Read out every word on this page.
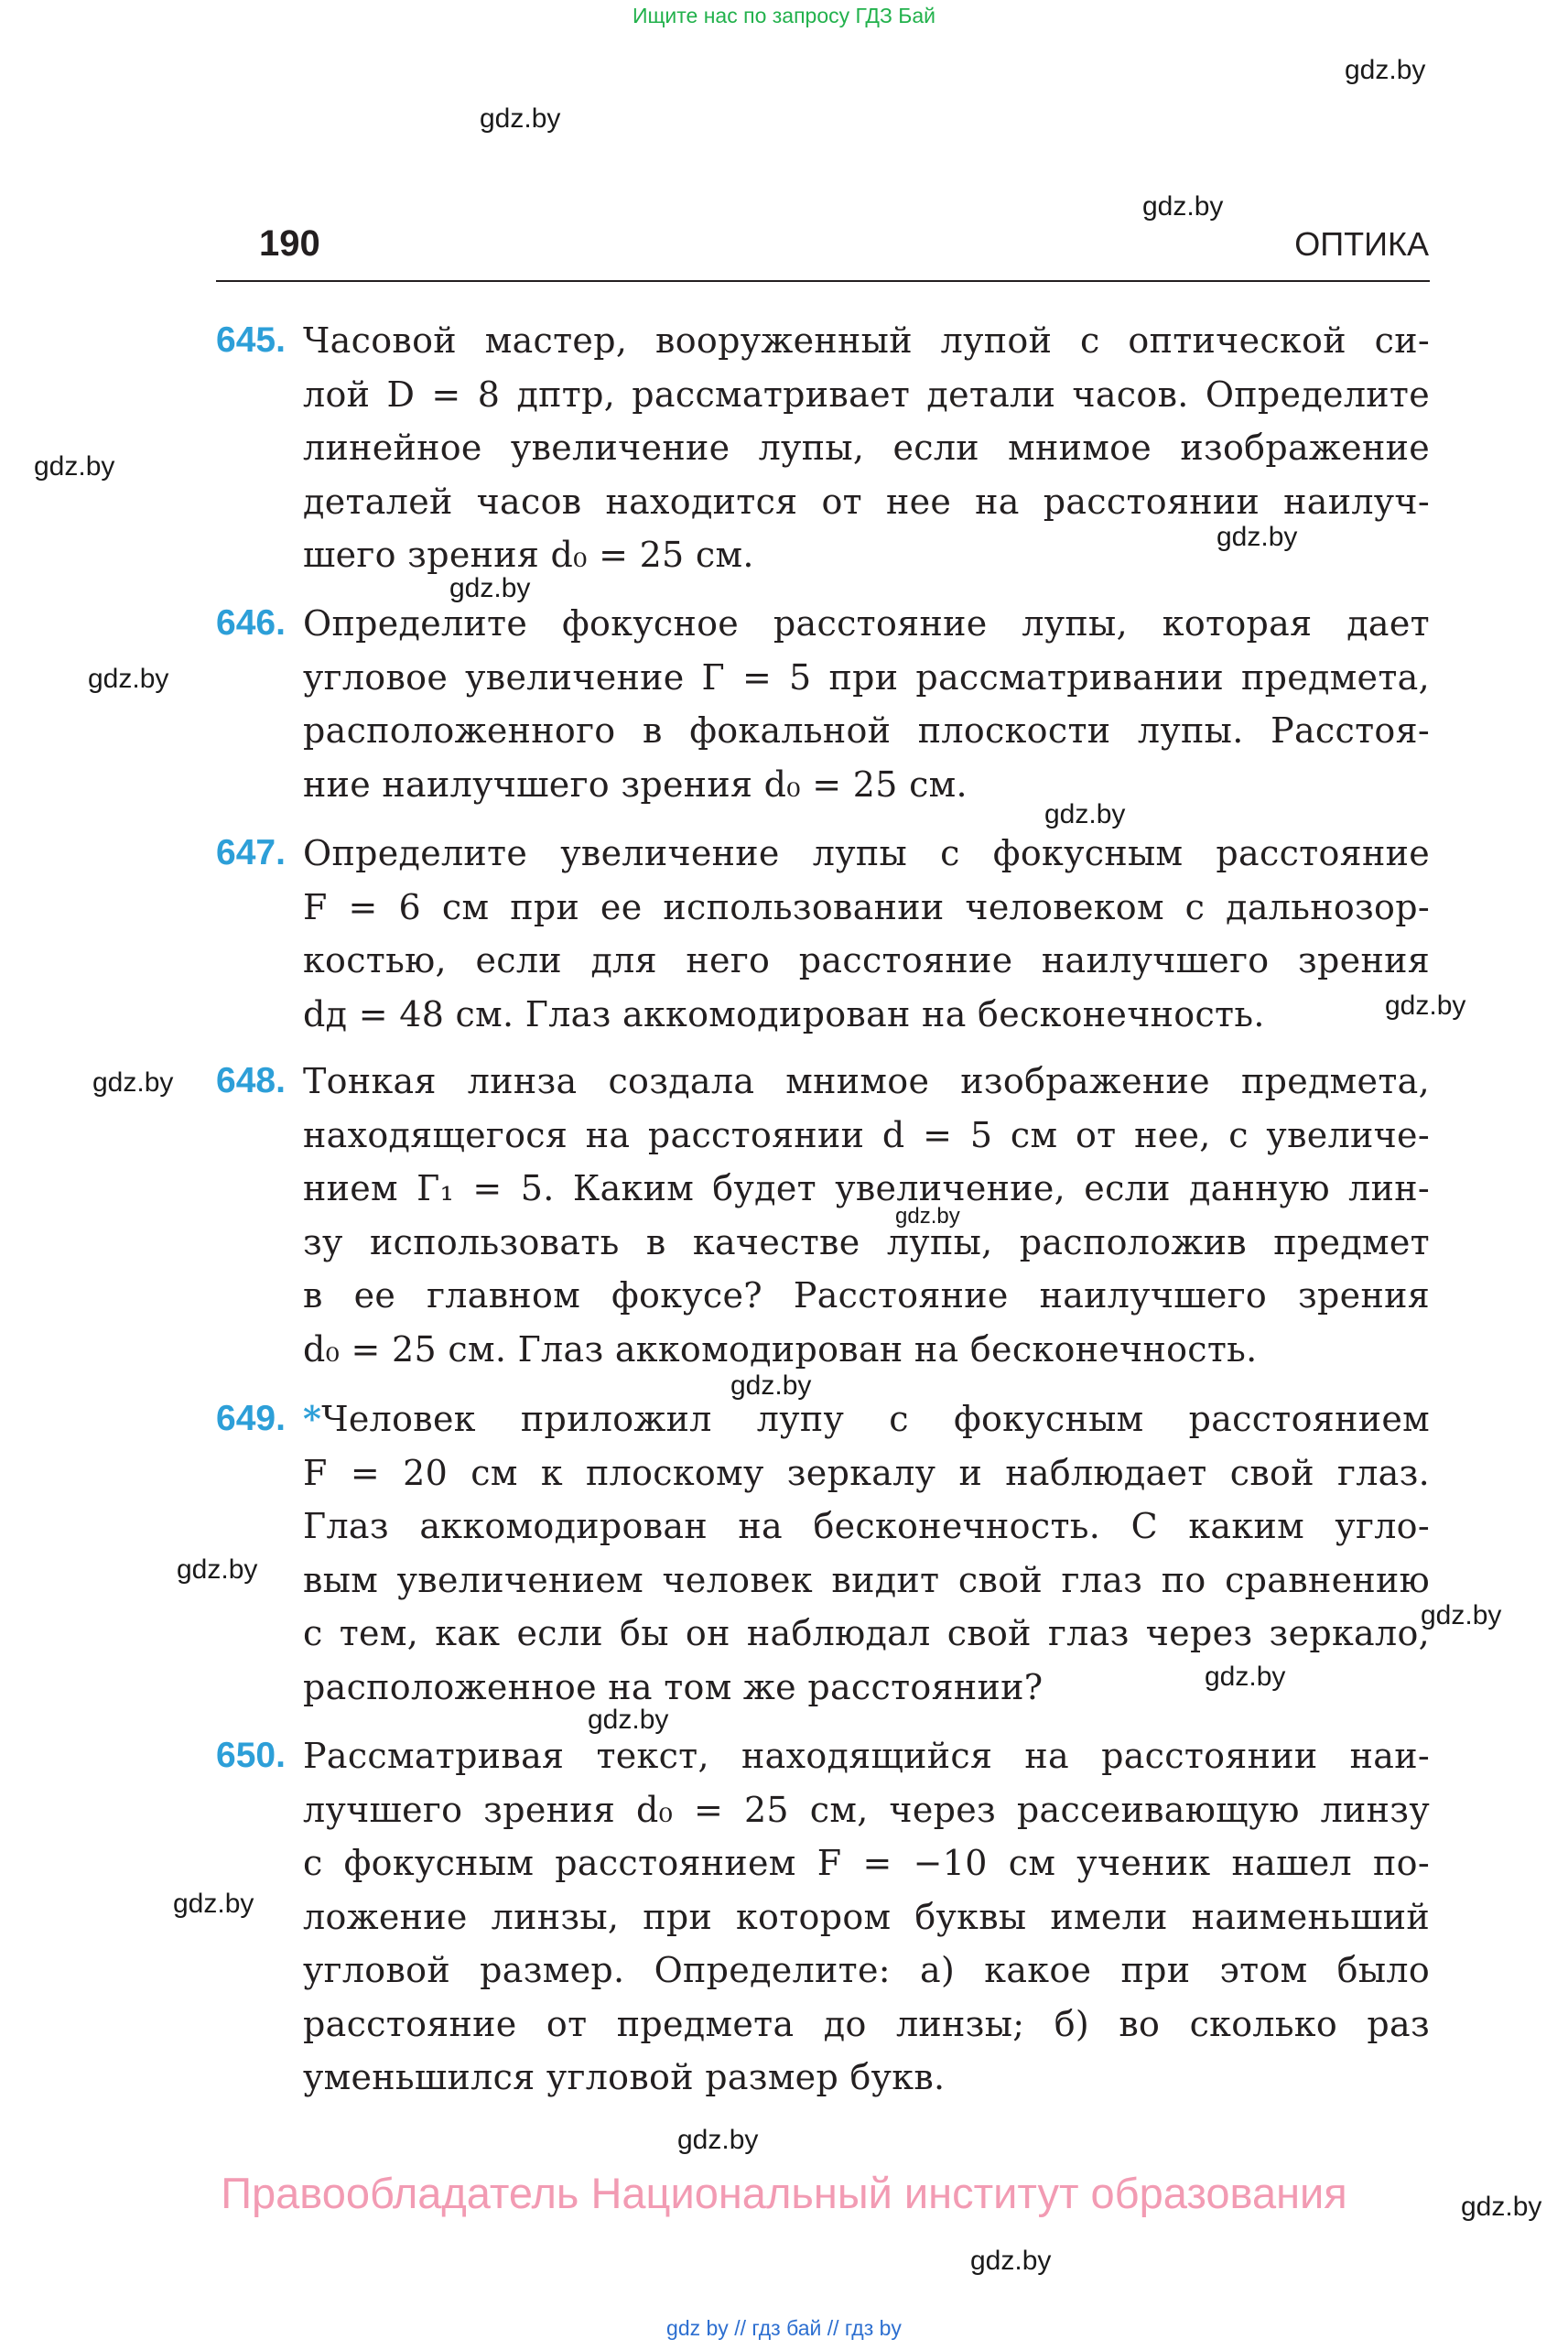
Ищите нас по запросу ГДЗ Бай
190	ОПТИКА
645. Часовой мастер, вооруженный лупой с оптической си-
лой D = 8 дптр, рассматривает детали часов. Определите
линейное увеличение лупы, если мнимое изображение
деталей часов находится от нее на расстоянии наилуч-
шего зрения d₀ = 25 см.
646. Определите фокусное расстояние лупы, которая дает
угловое увеличение Г = 5 при рассматривании предмета,
расположенного в фокальной плоскости лупы. Расстоя-
ние наилучшего зрения d₀ = 25 см.
647. Определите увеличение лупы с фокусным расстояние
F = 6 см при ее использовании человеком с дальнозор-
костью, если для него расстояние наилучшего зрения
dд = 48 см. Глаз аккомодирован на бесконечность.
648. Тонкая линза создала мнимое изображение предмета,
находящегося на расстоянии d = 5 см от нее, с увеличе-
нием Г₁ = 5. Каким будет увеличение, если данную лин-
зу использовать в качестве лупы, расположив предмет
в ее главном фокусе? Расстояние наилучшего зрения
d₀ = 25 см. Глаз аккомодирован на бесконечность.
649. *Человек приложил лупу с фокусным расстоянием
F = 20 см к плоскому зеркалу и наблюдает свой глаз.
Глаз аккомодирован на бесконечность. С каким угло-
вым увеличением человек видит свой глаз по сравнению
с тем, как если бы он наблюдал свой глаз через зеркало,
расположенное на том же расстоянии?
650. Рассматривая текст, находящийся на расстоянии наи-
лучшего зрения d₀ = 25 см, через рассеивающую линзу
с фокусным расстоянием F = −10 см ученик нашел по-
ложение линзы, при котором буквы имели наименьший
угловой размер. Определите: а) какое при этом было
расстояние от предмета до линзы; б) во сколько раз
уменьшился угловой размер букв.
gdz.by
gdz.by
gdz.by
gdz.by
gdz.by
gdz.by
gdz.by
gdz.by
gdz.by
gdz.by
gdz.by
gdz.by
gdz.by
gdz.by
gdz.by
gdz.by
gdz.by
gdz.by
gdz.by
gdz.by
Правообладатель Национальный институт образования
gdz by // гдз бай // гдз by
